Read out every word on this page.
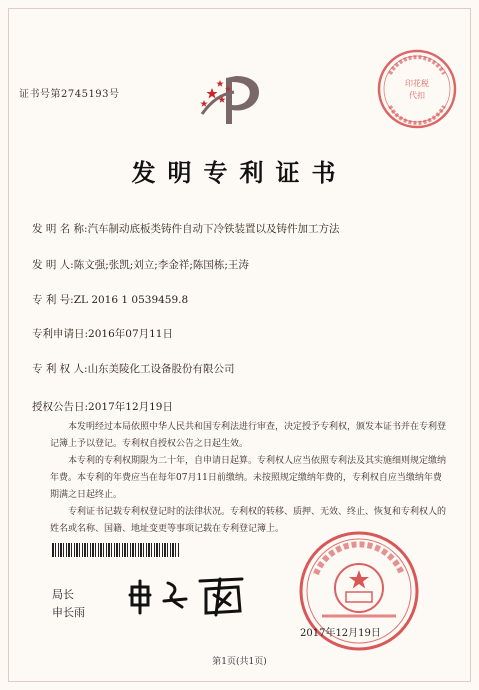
证书号第2745193号
印花税
代扣
发明专利证书
发 明 名 称:汽车制动底板类铸件自动下冷铁装置以及铸件加工方法
发 明 人:陈文强;张凯;刘立;李金祥;陈国栋;王涛
专 利 号:ZL 2016 1 0539459.8
专利申请日:2016年07月11日
专 利 权 人:山东美陵化工设备股份有限公司
授权公告日:2017年12月19日

本发明经过本局依照中华人民共和国专利法进行审查，决定授予专利权，颁发本证书并在专利登记簿上予以登记。专利权自授权公告之日起生效。

本专利的专利权期限为二十年，自申请日起算。专利权人应当依照专利法及其实施细则规定缴纳年费。本专利的年费应当在每年07月11日前缴纳。未按照规定缴纳年费的，专利权自应当缴纳年费期满之日起终止。

专利证书记载专利权登记时的法律状况。专利权的转移、质押、无效、终止、恢复和专利权人的姓名或名称、国籍、地址变更等事项记载在专利登记簿上。

局长
申长雨
2017年12月19日
第1页(共1页)
